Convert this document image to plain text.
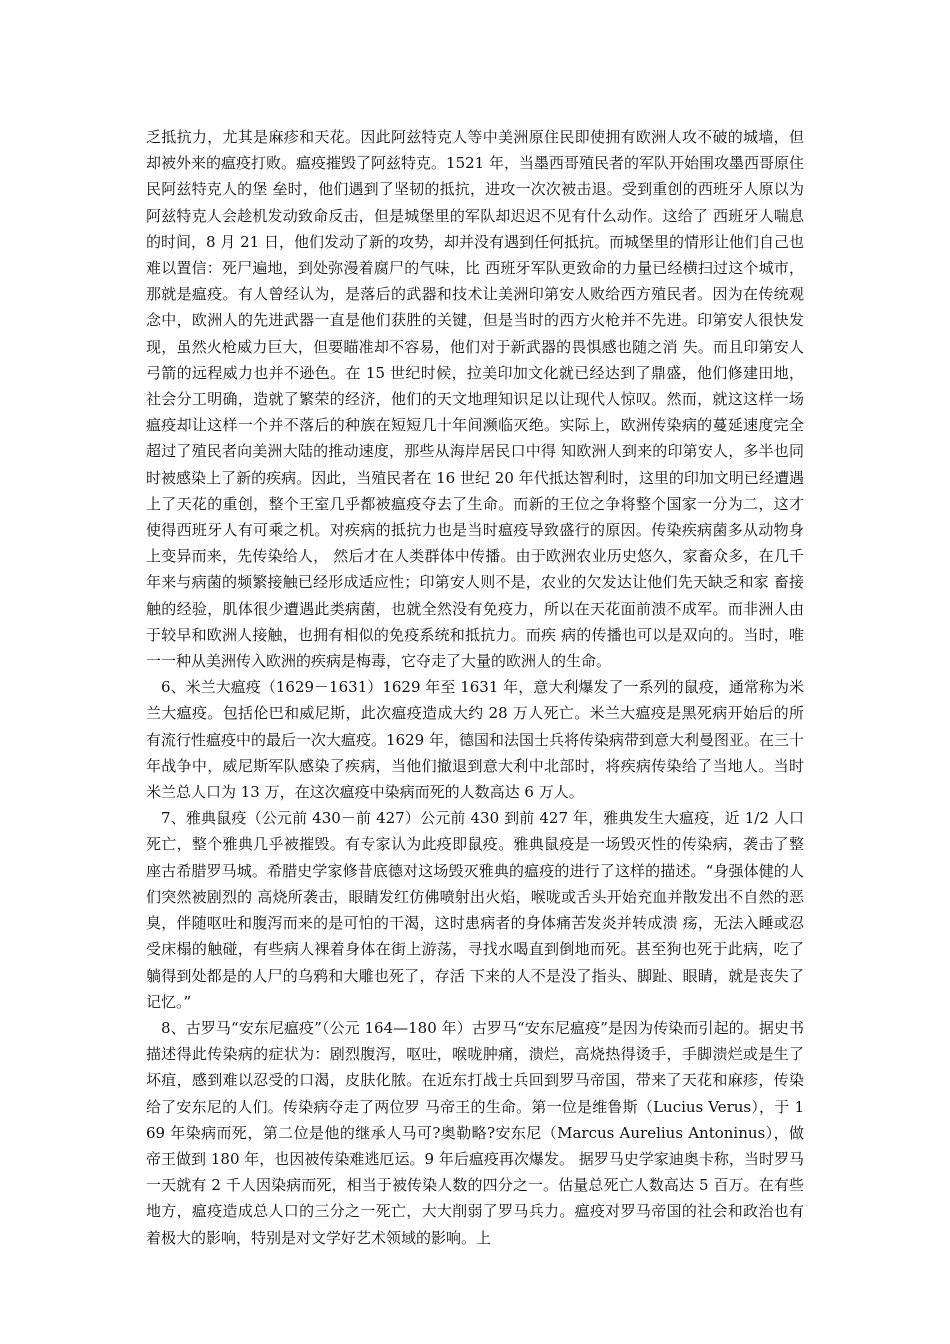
乏抵抗力，尤其是麻疹和天花。因此阿兹特克人等中美洲原住民即使拥有欧洲人攻不破的城墙，但却被外来的瘟疫打败。瘟疫摧毁了阿兹特克。1521 年，当墨西哥殖民者的军队开始围攻墨西哥原住民阿兹特克人的堡 垒时，他们遇到了坚韧的抵抗，进攻一次次被击退。受到重创的西班牙人原以为阿兹特克人会趁机发动致命反击，但是城堡里的军队却迟迟不见有什么动作。这给了 西班牙人喘息的时间，8 月 21 日，他们发动了新的攻势，却并没有遇到任何抵抗。而城堡里的情形让他们自己也难以置信：死尸遍地，到处弥漫着腐尸的气味，比 西班牙军队更致命的力量已经横扫过这个城市，那就是瘟疫。有人曾经认为，是落后的武器和技术让美洲印第安人败给西方殖民者。因为在传统观念中，欧洲人的先进武器一直是他们获胜的关键，但是当时的西方火枪并不先进。印第安人很快发现，虽然火枪威力巨大，但要瞄准却不容易，他们对于新武器的畏惧感也随之消 失。而且印第安人弓箭的远程威力也并不逊色。在 15 世纪时候，拉美印加文化就已经达到了鼎盛，他们修建田地，社会分工明确，造就了繁荣的经济，他们的天文地理知识足以让现代人惊叹。然而，就这这样一场瘟疫却让这样一个并不落后的种族在短短几十年间濒临灭绝。实际上，欧洲传染病的蔓延速度完全超过了殖民者向美洲大陆的推动速度，那些从海岸居民口中得 知欧洲人到来的印第安人，多半也同时被感染上了新的疾病。因此，当殖民者在 16 世纪 20 年代抵达智利时，这里的印加文明已经遭遇上了天花的重创，整个王室几乎都被瘟疫夺去了生命。而新的王位之争将整个国家一分为二，这才使得西班牙人有可乘之机。对疾病的抵抗力也是当时瘟疫导致盛行的原因。传染疾病菌多从动物身上变异而来，先传染给人， 然后才在人类群体中传播。由于欧洲农业历史悠久，家畜众多，在几千年来与病菌的频繁接触已经形成适应性；印第安人则不是，农业的欠发达让他们先天缺乏和家 畜接触的经验，肌体很少遭遇此类病菌，也就全然没有免疫力，所以在天花面前溃不成军。而非洲人由于较早和欧洲人接触，也拥有相似的免疫系统和抵抗力。而疾 病的传播也可以是双向的。当时，唯一一种从美洲传入欧洲的疾病是梅毒，它夺走了大量的欧洲人的生命。

6、米兰大瘟疫（1629－1631）1629 年至 1631 年，意大利爆发了一系列的鼠疫，通常称为米兰大瘟疫。包括伦巴和威尼斯，此次瘟疫造成大约 28 万人死亡。米兰大瘟疫是黑死病开始后的所有流行性瘟疫中的最后一次大瘟疫。1629 年，德国和法国士兵将传染病带到意大利曼图亚。在三十年战争中，威尼斯军队感染了疾病，当他们撤退到意大利中北部时，将疾病传染给了当地人。当时米兰总人口为 13 万，在这次瘟疫中染病而死的人数高达 6 万人。

7、雅典鼠疫（公元前 430－前 427）公元前 430 到前 427 年，雅典发生大瘟疫，近 1/2 人口死亡，整个雅典几乎被摧毁。有专家认为此疫即鼠疫。雅典鼠疫是一场毁灭性的传染病，袭击了整座古希腊罗马城。希腊史学家修昔底德对这场毁灭雅典的瘟疫的进行了这样的描述。“身强体健的人们突然被剧烈的 高烧所袭击，眼睛发红仿佛喷射出火焰，喉咙或舌头开始充血并散发出不自然的恶臭，伴随呕吐和腹泻而来的是可怕的干渴，这时患病者的身体痛苦发炎并转成溃 疡，无法入睡或忍受床榻的触碰，有些病人裸着身体在街上游荡，寻找水喝直到倒地而死。甚至狗也死于此病，吃了躺得到处都是的人尸的乌鸦和大雕也死了，存活 下来的人不是没了指头、脚趾、眼睛，就是丧失了记忆。”

8、古罗马“安东尼瘟疫”（公元 164—180 年）古罗马“安东尼瘟疫”是因为传染而引起的。据史书描述得此传染病的症状为：剧烈腹泻，呕吐，喉咙肿痛，溃烂，高烧热得烫手，手脚溃烂或是生了坏疽，感到难以忍受的口渴，皮肤化脓。在近东打战士兵回到罗马帝国，带来了天花和麻疹，传染给了安东尼的人们。传染病夺走了两位罗 马帝王的生命。第一位是维鲁斯（Lucius Verus），于 169 年染病而死，第二位是他的继承人马可?奥勒略?安东尼（Marcus Aurelius Antoninus），做帝王做到 180 年，也因被传染难逃厄运。9 年后瘟疫再次爆发。 据罗马史学家迪奥卡称，当时罗马一天就有 2 千人因染病而死，相当于被传染人数的四分之一。估量总死亡人数高达 5 百万。在有些地方，瘟疫造成总人口的三分之一死亡，大大削弱了罗马兵力。瘟疫对罗马帝国的社会和政治也有着极大的影响，特别是对文学好艺术领域的影响。上
